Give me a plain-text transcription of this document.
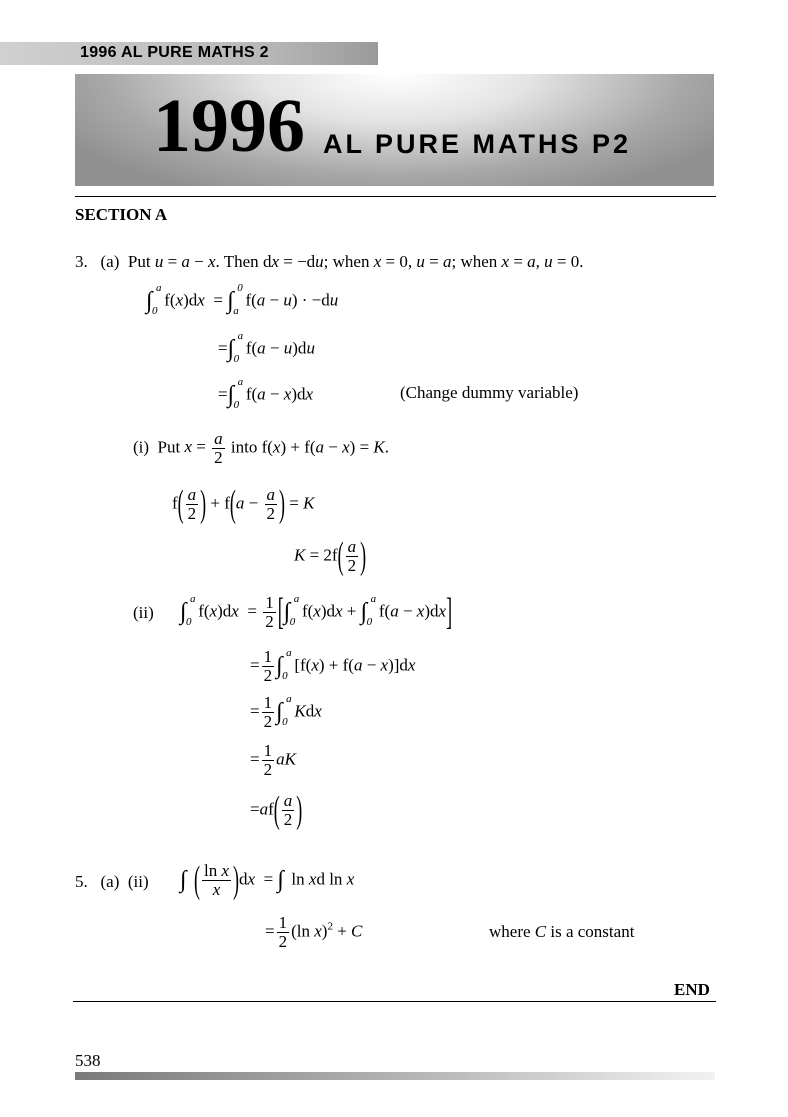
1996 AL PURE MATHS 2
1996 AL PURE MATHS P2
SECTION A
3. (a) Put u = a − x. Then dx = −du; when x = 0, u = a; when x = a, u = 0.
∫ a
0
f(x)dx  = ∫ 0
a
f(a − u) · −du
=∫ a
0
f(a − u)du
=∫ a
0
f(a − x)dx	(Change dummy variable)
(i) Put $x = \frac{a}{2}$ into f(x) + f(a − x) = K.
$f( \frac{a}{2}$ ) + $f(a - \frac{a}{2}$ ) = K
$K = 2f( \frac{a}{2}$ )
(ii) ∫ a
0
$f(x)dx = \frac{1}{2}$ [∫ a
0
f(x)dx + ∫ a
0
f(a − x)dx]
= $\frac{1}{2}$ ∫ a
0
[f(x) + f(a − x)]dx
= $\frac{1}{2}$ ∫ a
0
Kdx
= $\frac{1}{2}$ aK
$=af( \frac{a}{2}$ )
5. (a) (ii) ∫ ( $\frac{\text{ln x}}{x} )dx$  = ∫ ln xd ln x
= $\frac{1}{2} (\ln$ x)$^2$ + C	where C is a constant
END
538
